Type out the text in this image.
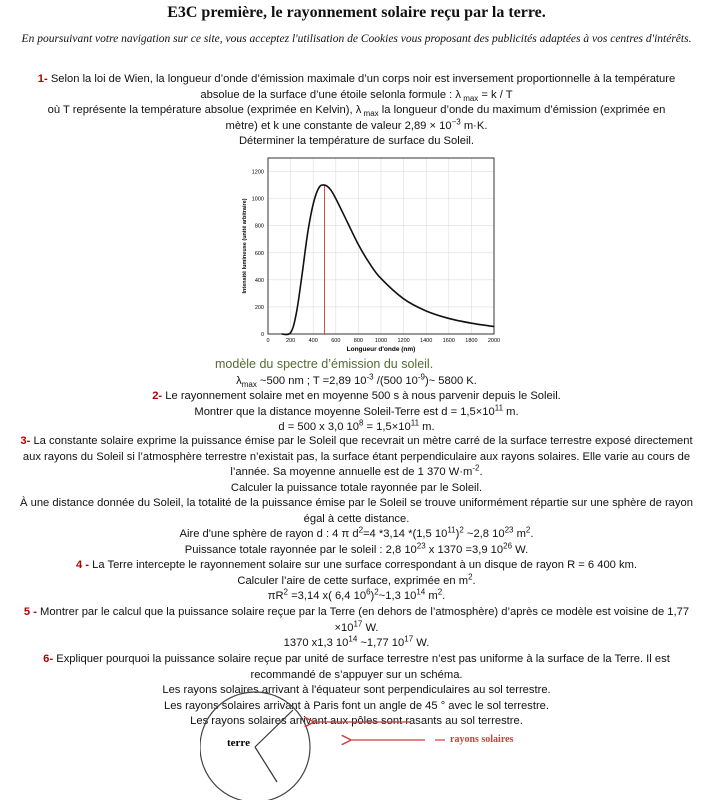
E3C première, le rayonnement solaire reçu par la terre.
En poursuivant votre navigation sur ce site, vous acceptez l'utilisation de Cookies vous proposant des publicités adaptées à vos centres d'intérêts.
1- Selon la loi de Wien, la longueur d’onde d’émission maximale d’un corps noir est inversement proportionnelle à la température
absolue de la surface d’une étoile selonla formule : λ $_{max}$ = k / T
où T représente la température absolue (exprimée en Kelvin), λ $_{max}$ la longueur d’onde du maximum d’émission (exprimée en
mètre) et k une constante de valeur $2,89 \times 10^{-3}$ m·K.
Déterminer la température de surface du Soleil.
0
200
400
600
800
1000
1200
0	200 400 600 800 1000 1200 1400 1600 1800 2000
Longueur d'onde (nm)
Intensité lumineuse (unité arbitraire)
modèle du spectre d’émission du soleil.
$\lambda_{max}$ ~500 nm ; T =2,89 $10^{-3}$ /(500 $10^{-9})\sim$ 5800 K.
2- Le rayonnement solaire met en moyenne 500 s à nous parvenir depuis le Soleil.
Montrer que la distance moyenne Soleil-Terre est $d = 1,5\times 10^{11}$ m.
d = 500 x 3,0 $10^8 = 1,5\times 10^{11}$ m.
3- La constante solaire exprime la puissance émise par le Soleil que recevrait un mètre carré de la surface terrestre exposé directement
aux rayons du Soleil si l’atmosphère terrestre n’existait pas, la surface étant perpendiculaire aux rayons solaires. Elle varie au cours de
l’année. Sa moyenne annuelle est de 1 370 $W\cdot m^{-2}$.
Calculer la puissance totale rayonnée par le Soleil.
À une distance donnée du Soleil, la totalité de la puissance émise par le Soleil se trouve uniformément répartie sur une sphère de rayon
égal à cette distance.
Aire d'une sphère de rayon d : 4 π $d^2=4$ *3,14 *(1,5 $10^{11})^2$ ~2,8 $10^{23}$ $m^2$.
Puissance totale rayonnée par le soleil : 2,8 $10^{23}$ x 1370 =3,9 $10^{26}$ W.
4 - La Terre intercepte le rayonnement solaire sur une surface correspondant à un disque de rayon R = 6 400 km.
Calculer l’aire de cette surface, exprimée en $m^2$.
$\pi R^2 =3,14$ x( 6,4 $10^6)^2\sim 1,3$ $10^{14}$ $m^2$.
5 - Montrer par le calcul que la puissance solaire reçue par la Terre (en dehors de l’atmosphère) d’après ce modèle est voisine de 1,77
$\times 10^{17}$ W.
1370 x1,3 $10^{14}$ ~1,77 $10^{17}$ W.
6- Expliquer pourquoi la puissance solaire reçue par unité de surface terrestre n’est pas uniforme à la surface de la Terre. Il est
recommandé de s’appuyer sur un schéma.
Les rayons solaires arrivant à l'équateur sont perpendiculaires au sol terrestre.
Les rayons solaires arrivant à Paris font un angle de 45 ° avec le sol terrestre.
Les rayons solaires arrivant aux pôles sont rasants au sol terrestre.
terre	rayons solaires
